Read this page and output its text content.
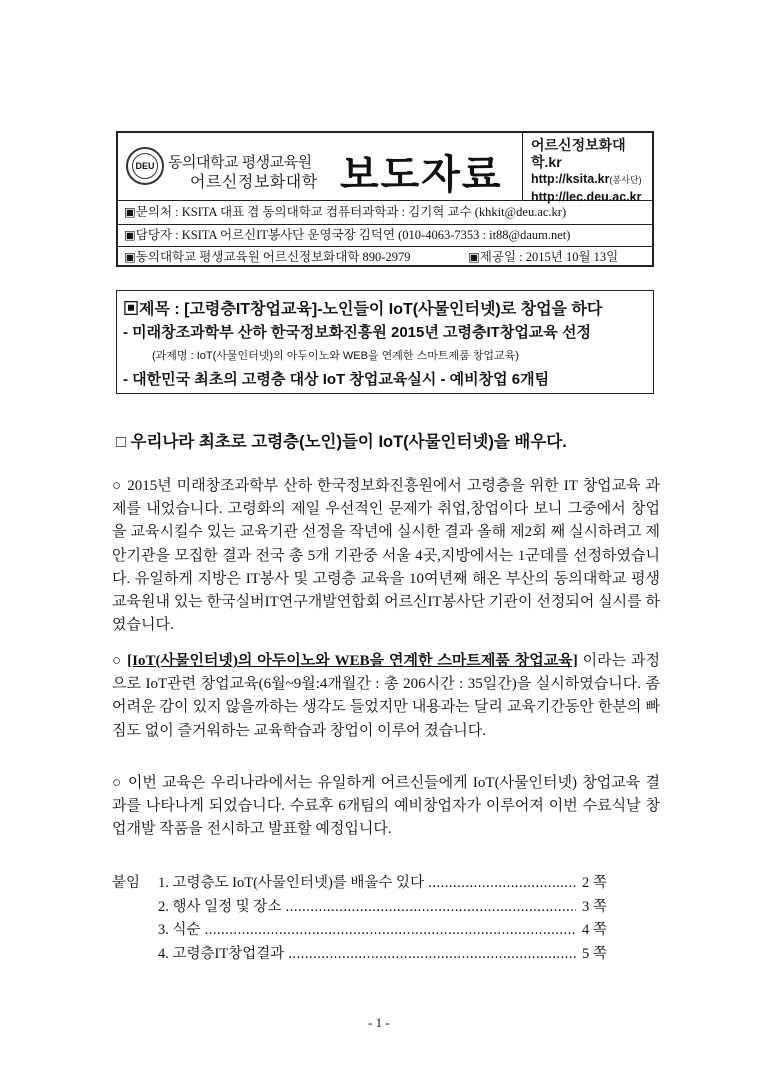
DEU 동의대학교 평생교육원
어르신정보화대학 보도자료
어르신정보화대학.kr
http://ksita.kr(봉사단)
http://lec.deu.ac.kr
▣문의처 : KSITA 대표 겸 동의대학교 컴퓨터과학과 : 김기혁 교수 (khkit@deu.ac.kr)
▣담당자 : KSITA 어르신IT봉사단 운영국장 김덕연 (010-4063-7353 : it88@daum.net)
▣동의대학교 평생교육원 어르신정보화대학 890-2979	▣제공일 : 2015년 10월 13일
▣제목 : [고령층IT창업교육]-노인들이 IoT(사물인터넷)로 창업을 하다
- 미래창조과학부 산하 한국정보화진흥원 2015년 고령층IT창업교육 선정
(과제명 : IoT(사물인터넷)의 아두이노와 WEB을 연계한 스마트제품 창업교육)
- 대한민국 최초의 고령층 대상 IoT 창업교육실시 - 예비창업 6개팀
□ 우리나라 최초로 고령층(노인)들이 IoT(사물인터넷)을 배우다.

○ 2015년 미래창조과학부 산하 한국정보화진흥원에서 고령층을 위한 IT 창업교육 과제를 내었습니다. 고령화의 제일 우선적인 문제가 취업,창업이다 보니 그중에서 창업을 교육시킬수 있는 교육기관 선정을 작년에 실시한 결과 올해 제2회 째 실시하려고 제안기관을 모집한 결과 전국 총 5개 기관중 서울 4곳,지방에서는 1군데를 선정하였습니다. 유일하게 지방은 IT봉사 및 고령층 교육을 10여년째 해온 부산의 동의대학교 평생교육원내 있는 한국실버IT연구개발연합회 어르신IT봉사단 기관이 선정되어 실시를 하였습니다.

○ [IoT(사물인터넷)의 아두이노와 WEB을 연계한 스마트제품 창업교육] 이라는 과정으로 IoT관련 창업교육(6월~9월:4개월간 : 총 206시간 : 35일간)을 실시하였습니다. 좀 어려운 감이 있지 않을까하는 생각도 들었지만 내용과는 달리 교육기간동안 한분의 빠짐도 없이 즐거워하는 교육학습과 창업이 이루어 졌습니다.

○ 이번 교육은 우리나라에서는 유일하게 어르신들에게 IoT(사물인터넷) 창업교육 결과를 나타나게 되었습니다. 수료후 6개팀의 예비창업자가 이루어져 이번 수료식날 창업개발 작품을 전시하고 발표할 예정입니다.

붙임 1. 고령층도 IoT(사물인터넷)를 배울수 있다 .....	2 쪽
2. 행사 일정 및 장소 .....	3 쪽
3. 식순 .....	4 쪽
4. 고령층IT창업결과 .....	5 쪽
- 1 -
